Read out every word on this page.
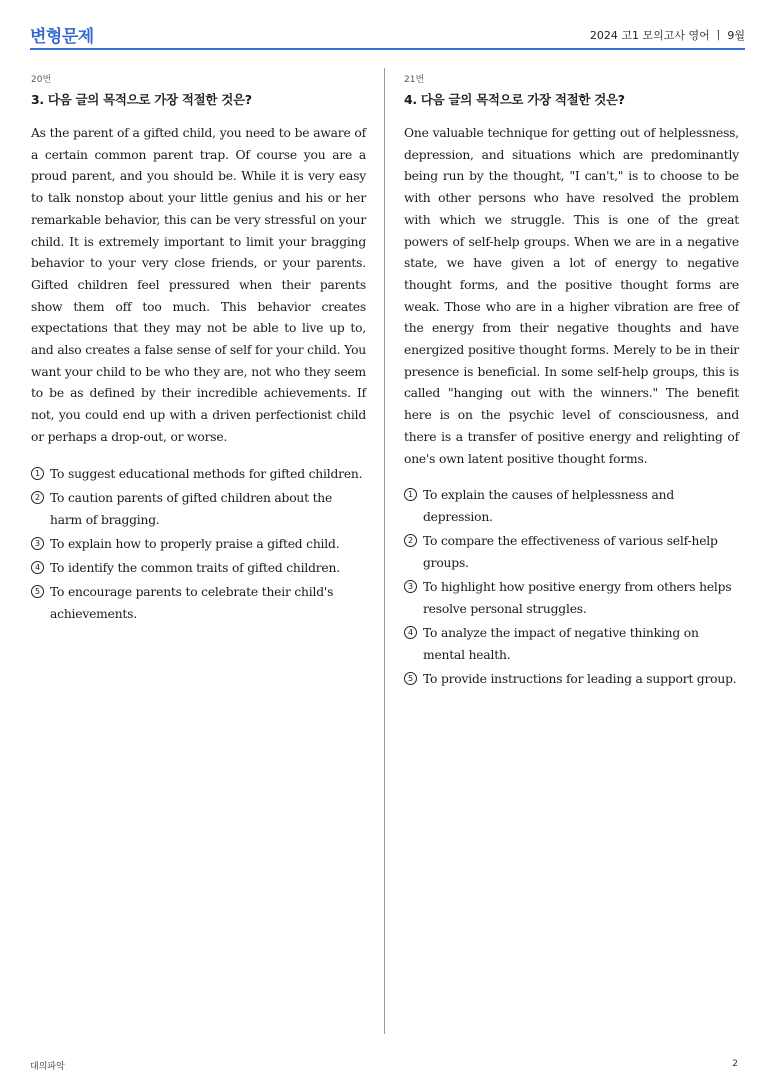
변형문제	2024 고1 모의고사 영어 ㅣ 9월
20번
3. 다음 글의 목적으로 가장 적절한 것은?

As the parent of a gifted child, you need to be aware of a certain common parent trap. Of course you are a proud parent, and you should be. While it is very easy to talk nonstop about your little genius and his or her remarkable behavior, this can be very stressful on your child. It is extremely important to limit your bragging behavior to your very close friends, or your parents. Gifted children feel pressured when their parents show them off too much. This behavior creates expectations that they may not be able to live up to, and also creates a false sense of self for your child. You want your child to be who they are, not who they seem to be as defined by their incredible achievements. If not, you could end up with a driven perfectionist child or perhaps a drop-out, or worse.

1 To suggest educational methods for gifted children.
2 To caution parents of gifted children about the harm of bragging.
3 To explain how to properly praise a gifted child.
4 To identify the common traits of gifted children.
5 To encourage parents to celebrate their child's achievements.
21번
4. 다음 글의 목적으로 가장 적절한 것은?

One valuable technique for getting out of helplessness, depression, and situations which are predominantly being run by the thought, "I can't," is to choose to be with other persons who have resolved the problem with which we struggle. This is one of the great powers of self-help groups. When we are in a negative state, we have given a lot of energy to negative thought forms, and the positive thought forms are weak. Those who are in a higher vibration are free of the energy from their negative thoughts and have energized positive thought forms. Merely to be in their presence is beneficial. In some self-help groups, this is called "hanging out with the winners." The benefit here is on the psychic level of consciousness, and there is a transfer of positive energy and relighting of one's own latent positive thought forms.

1 To explain the causes of helplessness and depression.
2 To compare the effectiveness of various self-help groups.
3 To highlight how positive energy from others helps resolve personal struggles.
4 To analyze the impact of negative thinking on mental health.
5 To provide instructions for leading a support group.
대의파악	2
